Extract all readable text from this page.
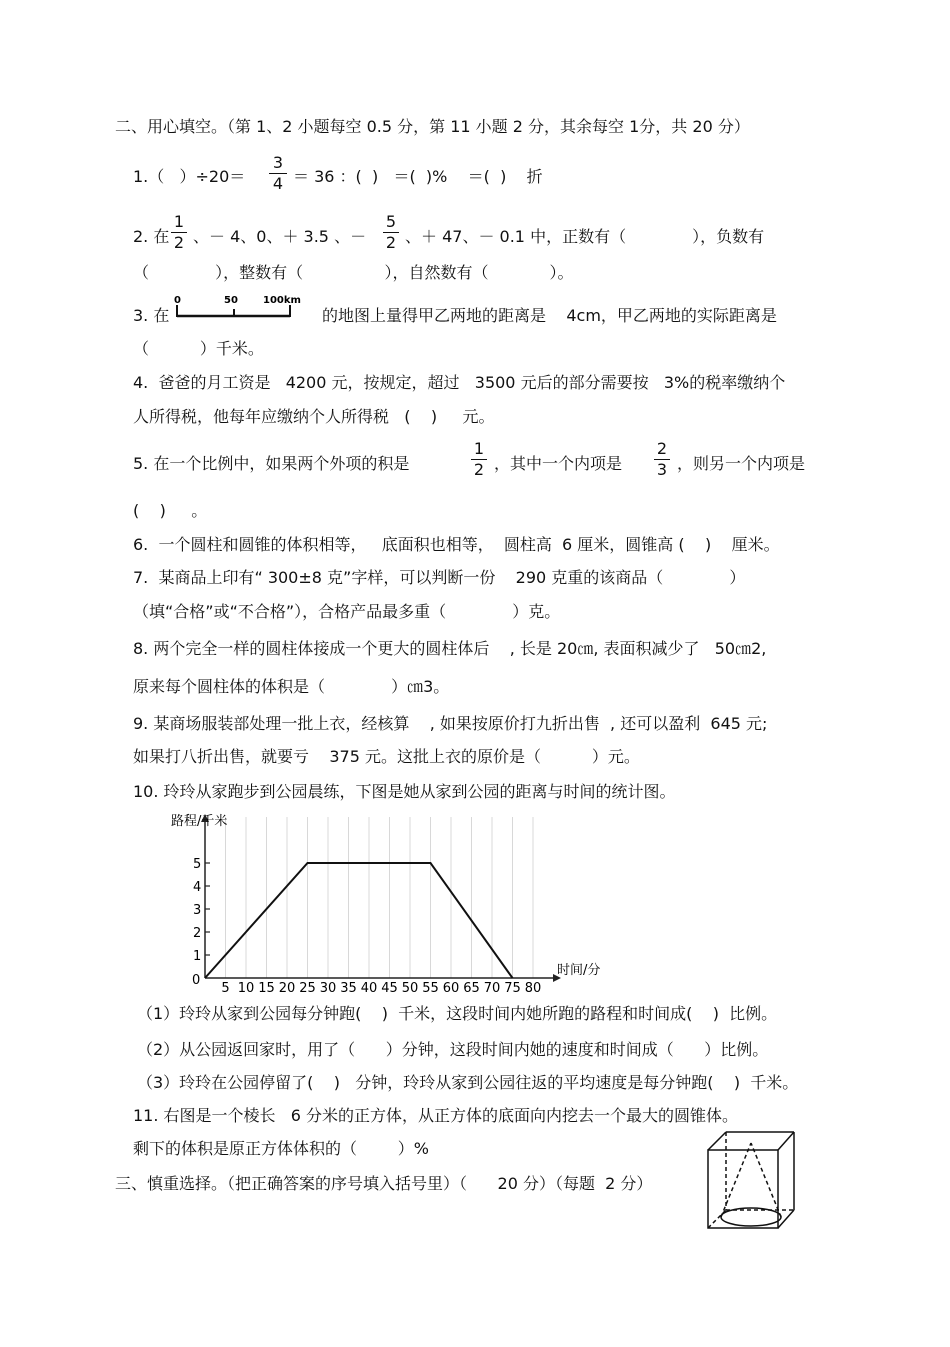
二、用心填空。（第 1、2 小题每空 0.5 分，第 11 小题 2 分，其余每空 1分，共 20 分）
1.（   ）÷20＝
3
4 ＝ 36 ：(  )   ＝(  )%    ＝(  )    折
2. 在
1
2 、－ 4、0、＋ 3.5 、－
5
2 、＋ 47、－ 0.1 中，正数有（             ），负数有
（             ），整数有（                ），自然数有（            ）。
3. 在
0	50	100km
的地图上量得甲乙两地的距离是    4cm，甲乙两地的实际距离是
（          ）千米。
4.  爸爸的月工资是   4200 元，按规定，超过   3500 元后的部分需要按   3%的税率缴纳个
人所得税，他每年应缴纳个人所得税   (    )     元。
5. 在一个比例中，如果两个外项的积是
1
2 ，其中一个内项是
2
3 ，则另一个内项是
(    )     。
6.  一个圆柱和圆锥的体积相等，   底面积也相等，  圆柱高  6 厘米，圆锥高 (    )    厘米。
7.  某商品上印有“ 300±8 克”字样，可以判断一份    290 克重的该商品（             ）
（填“合格”或“不合格”），合格产品最多重（             ）克。
8. 两个完全一样的圆柱体接成一个更大的圆柱体后    , 长是 20㎝, 表面积减少了   50㎝2,
原来每个圆柱体的体积是（             ）㎝3。
9. 某商场服装部处理一批上衣，经核算    , 如果按原价打九折出售  , 还可以盈利  645 元;
如果打八折出售，就要亏    375 元。这批上衣的原价是（          ）元。
10. 玲玲从家跑步到公园晨练，下图是她从家到公园的距离与时间的统计图。
路程/千米
时间/分
0
5 10 15 20 25 30 35 40 45 50 55 60 65 70 75 80
1
2
3
4
5
（1）玲玲从家到公园每分钟跑(    )  千米，这段时间内她所跑的路程和时间成(    )  比例。
（2）从公园返回家时，用了（      ）分钟，这段时间内她的速度和时间成（      ）比例。
（3）玲玲在公园停留了(    )   分钟，玲玲从家到公园往返的平均速度是每分钟跑(    )  千米。
11. 右图是一个棱长   6 分米的正方体，从正方体的底面向内挖去一个最大的圆锥体。
剩下的体积是原正方体体积的（        ）%
三、慎重选择。（把正确答案的序号填入括号里）（      20 分）（每题  2 分）
